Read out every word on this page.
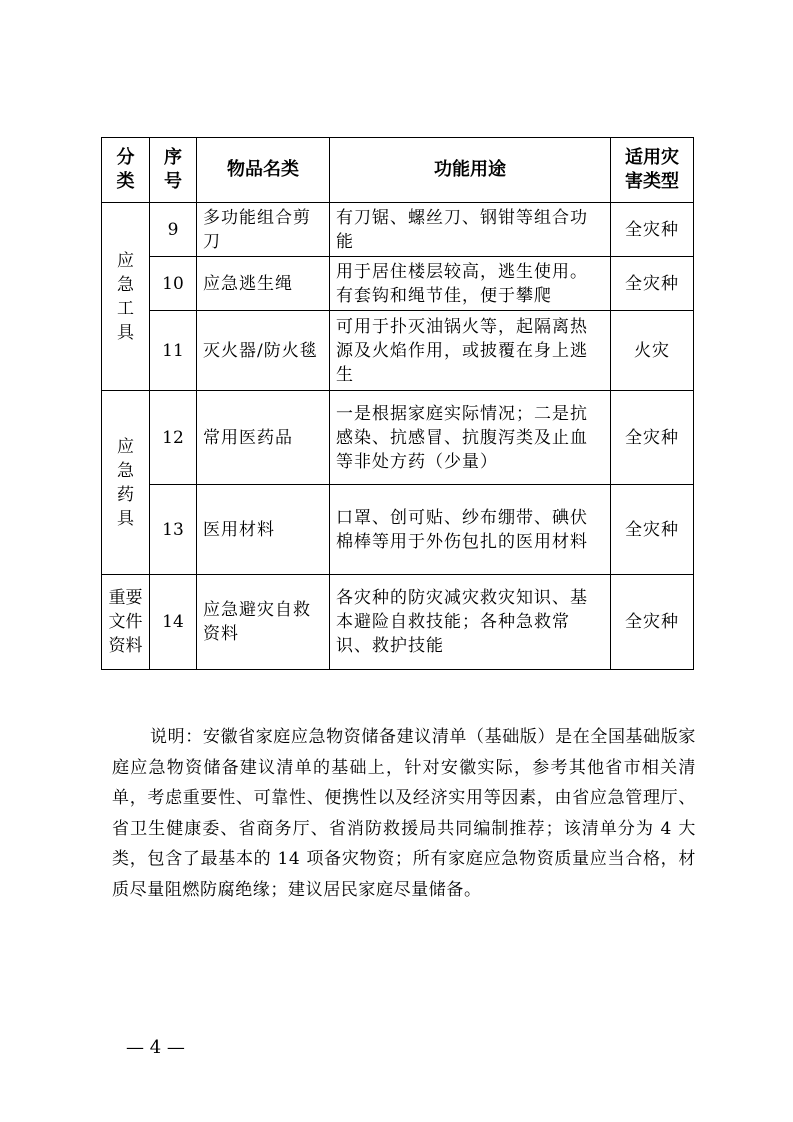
分类	序号	物品名类	功能用途	适用灾害类型
应急工具	9	多功能组合剪刀	有刀锯、螺丝刀、钢钳等组合功能	全灾种
	10	应急逃生绳	用于居住楼层较高，逃生使用。有套钩和绳节佳，便于攀爬	全灾种
	11	灭火器/防火毯	可用于扑灭油锅火等，起隔离热源及火焰作用，或披覆在身上逃生	火灾
应急药具	12	常用医药品	一是根据家庭实际情况；二是抗感染、抗感冒、抗腹泻类及止血等非处方药（少量）	全灾种
	13	医用材料	口罩、创可贴、纱布绷带、碘伏棉棒等用于外伤包扎的医用材料	全灾种
重要文件资料	14	应急避灾自救资料	各灾种的防灾减灾救灾知识、基本避险自救技能；各种急救常识、救护技能	全灾种

说明：安徽省家庭应急物资储备建议清单（基础版）是在全国基础版家庭应急物资储备建议清单的基础上，针对安徽实际，参考其他省市相关清单，考虑重要性、可靠性、便携性以及经济实用等因素，由省应急管理厅、省卫生健康委、省商务厅、省消防救援局共同编制推荐；该清单分为 4 大类，包含了最基本的 14 项备灾物资；所有家庭应急物资质量应当合格，材质尽量阻燃防腐绝缘；建议居民家庭尽量储备。

— 4 —
